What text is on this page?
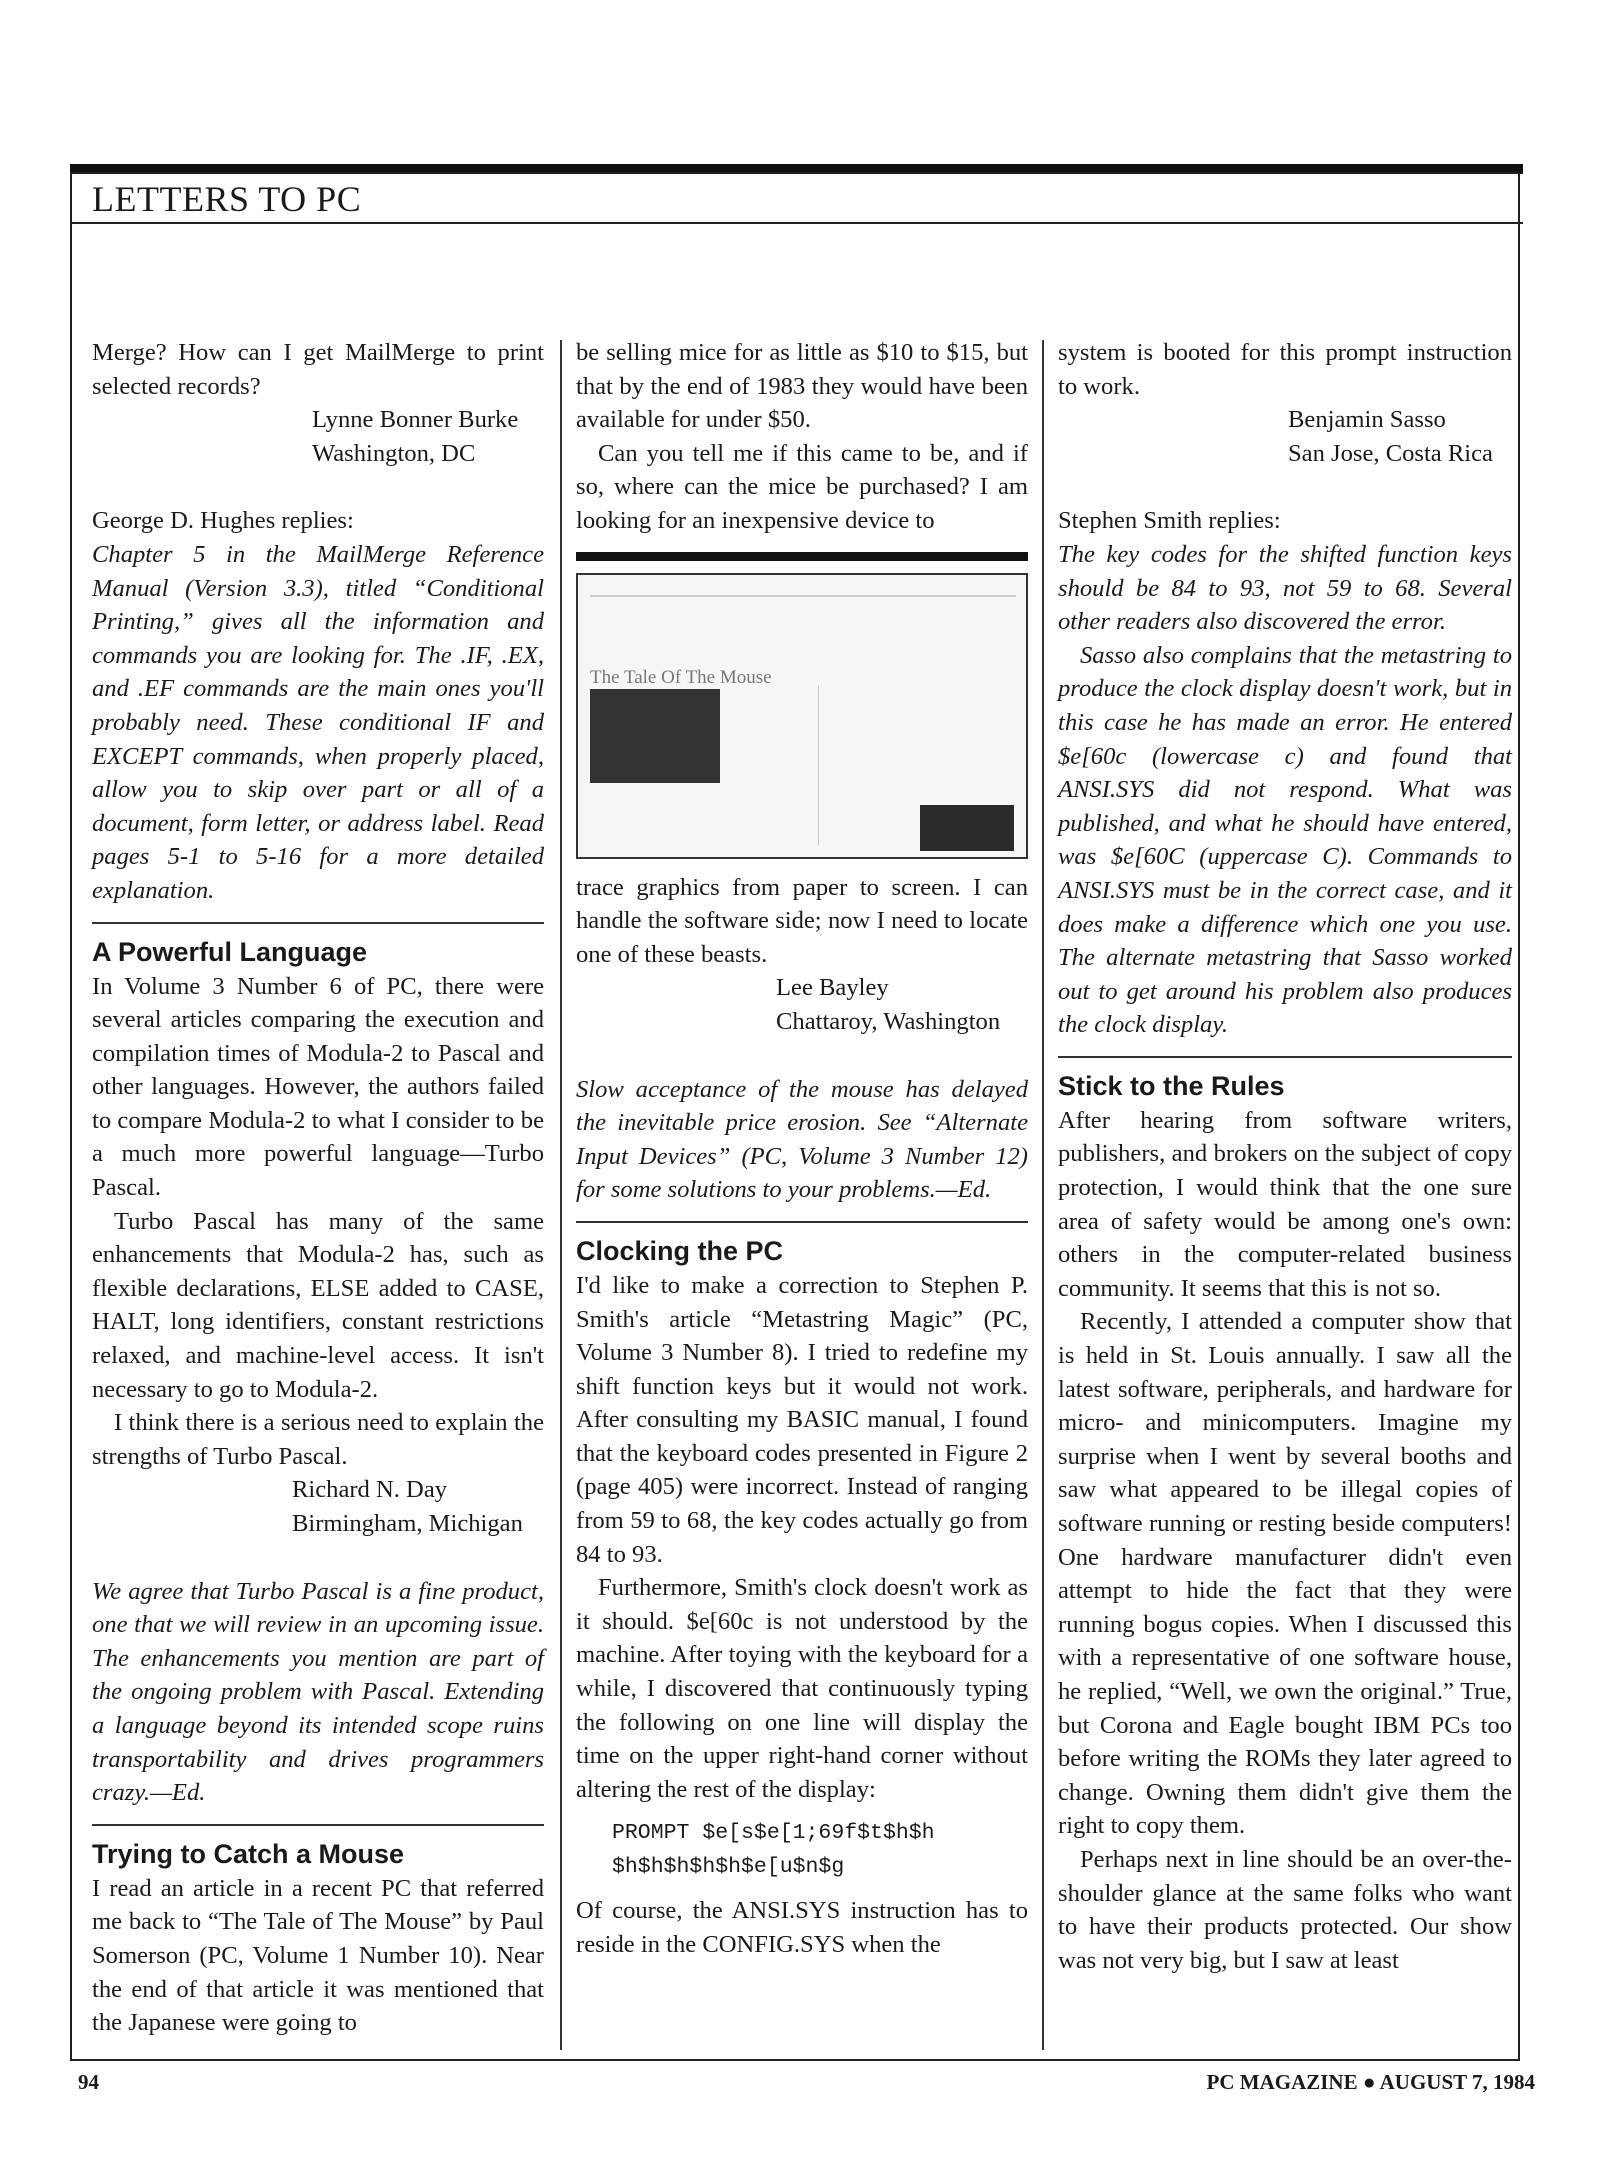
LETTERS TO PC

Merge? How can I get MailMerge to print selected records?

Lynne Bonner Burke

Washington, DC

George D. Hughes replies:

Chapter 5 in the MailMerge Reference Manual (Version 3.3), titled “Conditional Printing,” gives all the information and commands you are looking for. The .IF, .EX, and .EF commands are the main ones you'll probably need. These conditional IF and EXCEPT commands, when properly placed, allow you to skip over part or all of a document, form letter, or address label. Read pages 5-1 to 5-16 for a more detailed explanation.

A Powerful Language

In Volume 3 Number 6 of PC, there were several articles comparing the execution and compilation times of Modula-2 to Pascal and other languages. However, the authors failed to compare Modula-2 to what I consider to be a much more powerful language—Turbo Pascal.

Turbo Pascal has many of the same enhancements that Modula-2 has, such as flexible declarations, ELSE added to CASE, HALT, long identifiers, constant restrictions relaxed, and machine-level access. It isn't necessary to go to Modula-2.

I think there is a serious need to explain the strengths of Turbo Pascal.

Richard N. Day

Birmingham, Michigan

We agree that Turbo Pascal is a fine product, one that we will review in an upcoming issue. The enhancements you mention are part of the ongoing problem with Pascal. Extending a language beyond its intended scope ruins transportability and drives programmers crazy.—Ed.

Trying to Catch a Mouse

I read an article in a recent PC that referred me back to “The Tale of The Mouse” by Paul Somerson (PC, Volume 1 Number 10). Near the end of that article it was mentioned that the Japanese were going to

be selling mice for as little as $10 to $15, but that by the end of 1983 they would have been available for under $50.

Can you tell me if this came to be, and if so, where can the mice be purchased? I am looking for an inexpensive device to

The Tale Of The Mouse

trace graphics from paper to screen. I can handle the software side; now I need to locate one of these beasts.

Lee Bayley

Chattaroy, Washington

Slow acceptance of the mouse has delayed the inevitable price erosion. See “Alternate Input Devices” (PC, Volume 3 Number 12) for some solutions to your problems.—Ed.

Clocking the PC

I'd like to make a correction to Stephen P. Smith's article “Metastring Magic” (PC, Volume 3 Number 8). I tried to redefine my shift function keys but it would not work. After consulting my BASIC manual, I found that the keyboard codes presented in Figure 2 (page 405) were incorrect. Instead of ranging from 59 to 68, the key codes actually go from 84 to 93.

Furthermore, Smith's clock doesn't work as it should. $e[60c is not understood by the machine. After toying with the keyboard for a while, I discovered that continuously typing the following on one line will display the time on the upper right-hand corner without altering the rest of the display:

PROMPT $e[s$e[1;69f$t$h$h
$h$h$h$h$h$e[u$n$g

Of course, the ANSI.SYS instruction has to reside in the CONFIG.SYS when the

system is booted for this prompt instruction to work.

Benjamin Sasso

San Jose, Costa Rica

Stephen Smith replies:

The key codes for the shifted function keys should be 84 to 93, not 59 to 68. Several other readers also discovered the error.

Sasso also complains that the metastring to produce the clock display doesn't work, but in this case he has made an error. He entered $e[60c (lowercase c) and found that ANSI.SYS did not respond. What was published, and what he should have entered, was $e[60C (uppercase C). Commands to ANSI.SYS must be in the correct case, and it does make a difference which one you use. The alternate metastring that Sasso worked out to get around his problem also produces the clock display.

Stick to the Rules

After hearing from software writers, publishers, and brokers on the subject of copy protection, I would think that the one sure area of safety would be among one's own: others in the computer-related business community. It seems that this is not so.

Recently, I attended a computer show that is held in St. Louis annually. I saw all the latest software, peripherals, and hardware for micro- and minicomputers. Imagine my surprise when I went by several booths and saw what appeared to be illegal copies of software running or resting beside computers! One hardware manufacturer didn't even attempt to hide the fact that they were running bogus copies. When I discussed this with a representative of one software house, he replied, “Well, we own the original.” True, but Corona and Eagle bought IBM PCs too before writing the ROMs they later agreed to change. Owning them didn't give them the right to copy them.

Perhaps next in line should be an over-the-shoulder glance at the same folks who want to have their products protected. Our show was not very big, but I saw at least

94	PC MAGAZINE ● AUGUST 7, 1984
